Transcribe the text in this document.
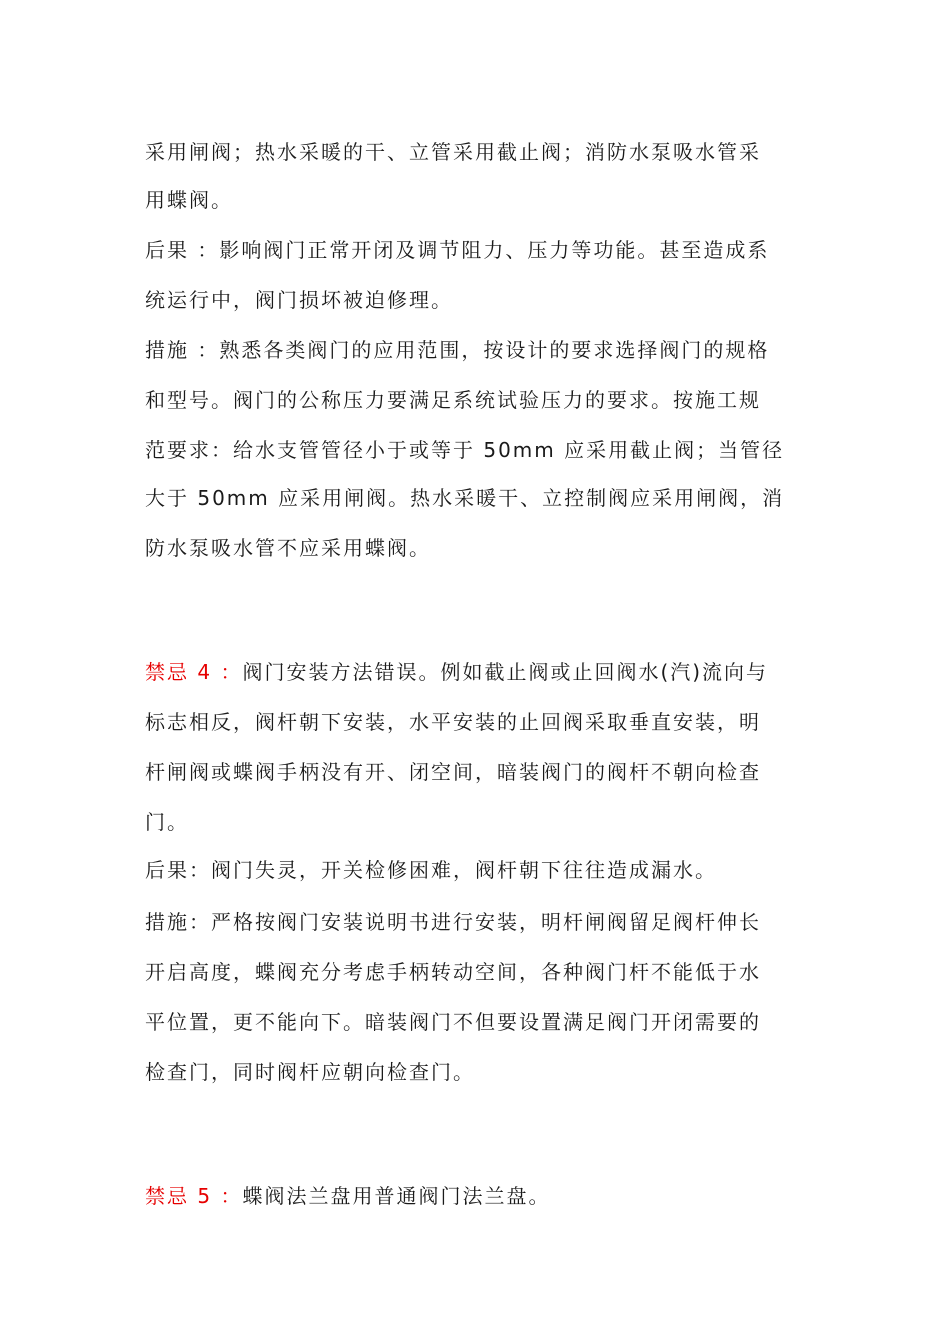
采用闸阀；热水采暖的干、立管采用截止阀；消防水泵吸水管采
用蝶阀。
后果 ：影响阀门正常开闭及调节阻力、压力等功能。甚至造成系
统运行中，阀门损坏被迫修理。
措施 ：熟悉各类阀门的应用范围，按设计的要求选择阀门的规格
和型号。阀门的公称压力要满足系统试验压力的要求。按施工规
范要求：给水支管管径小于或等于 50mm 应采用截止阀；当管径
大于 50mm 应采用闸阀。热水采暖干、立控制阀应采用闸阀，消
防水泵吸水管不应采用蝶阀。
禁忌 4 ：阀门安装方法错误。例如截止阀或止回阀水(汽)流向与
标志相反，阀杆朝下安装，水平安装的止回阀采取垂直安装，明
杆闸阀或蝶阀手柄没有开、闭空间，暗装阀门的阀杆不朝向检查
门。
后果：阀门失灵，开关检修困难，阀杆朝下往往造成漏水。
措施：严格按阀门安装说明书进行安装，明杆闸阀留足阀杆伸长
开启高度，蝶阀充分考虑手柄转动空间，各种阀门杆不能低于水
平位置，更不能向下。暗装阀门不但要设置满足阀门开闭需要的
检查门，同时阀杆应朝向检查门。
禁忌 5 ：蝶阀法兰盘用普通阀门法兰盘。
